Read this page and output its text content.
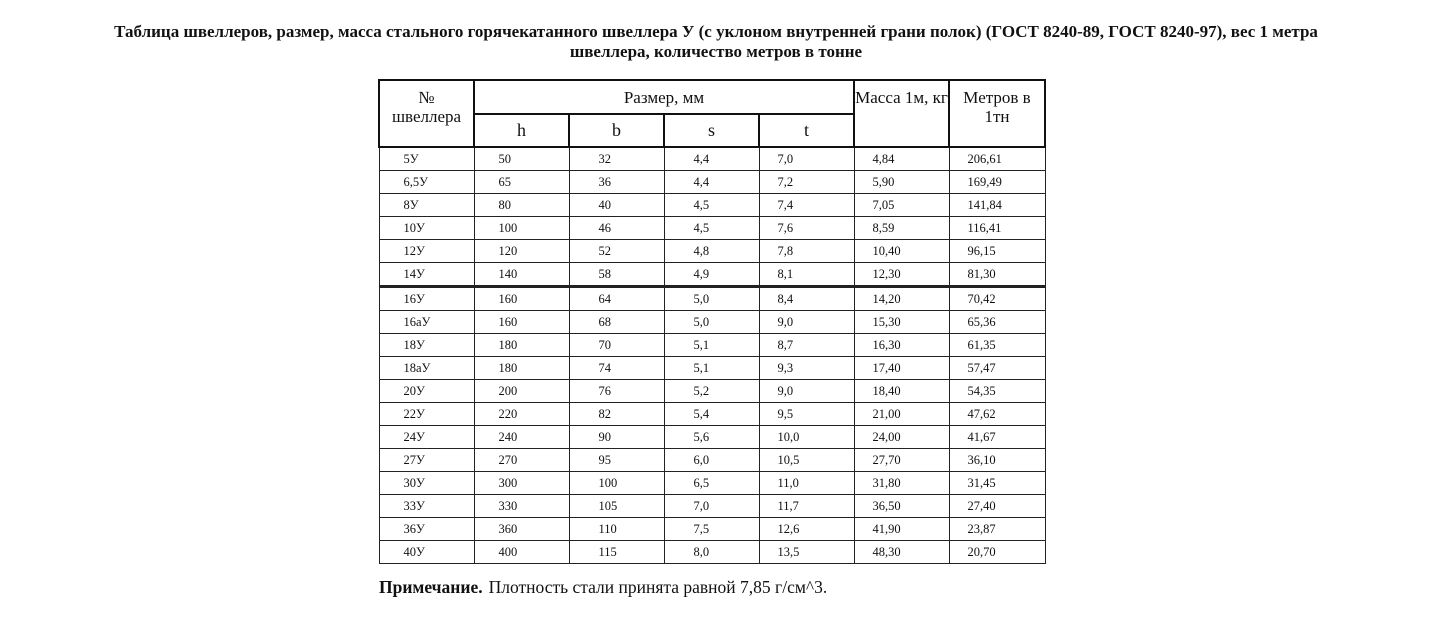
Таблица швеллеров, размер, масса стального горячекатанного швеллера У (с уклоном внутренней грани полок) (ГОСТ 8240-89, ГОСТ 8240-97), вес 1 метра
швеллера, количество метров в тонне
№ швеллера	Размер, мм				Масса 1м, кг	Метров в 1тн
	h	b	s	t		
5У	50	32	4,4	7,0	4,84	206,61
6,5У	65	36	4,4	7,2	5,90	169,49
8У	80	40	4,5	7,4	7,05	141,84
10У	100	46	4,5	7,6	8,59	116,41
12У	120	52	4,8	7,8	10,40	96,15
14У	140	58	4,9	8,1	12,30	81,30
16У	160	64	5,0	8,4	14,20	70,42
16аУ	160	68	5,0	9,0	15,30	65,36
18У	180	70	5,1	8,7	16,30	61,35
18аУ	180	74	5,1	9,3	17,40	57,47
20У	200	76	5,2	9,0	18,40	54,35
22У	220	82	5,4	9,5	21,00	47,62
24У	240	90	5,6	10,0	24,00	41,67
27У	270	95	6,0	10,5	27,70	36,10
30У	300	100	6,5	11,0	31,80	31,45
33У	330	105	7,0	11,7	36,50	27,40
36У	360	110	7,5	12,6	41,90	23,87
40У	400	115	8,0	13,5	48,30	20,70
Примечание. Плотность стали принята равной 7,85 г/см^3.
